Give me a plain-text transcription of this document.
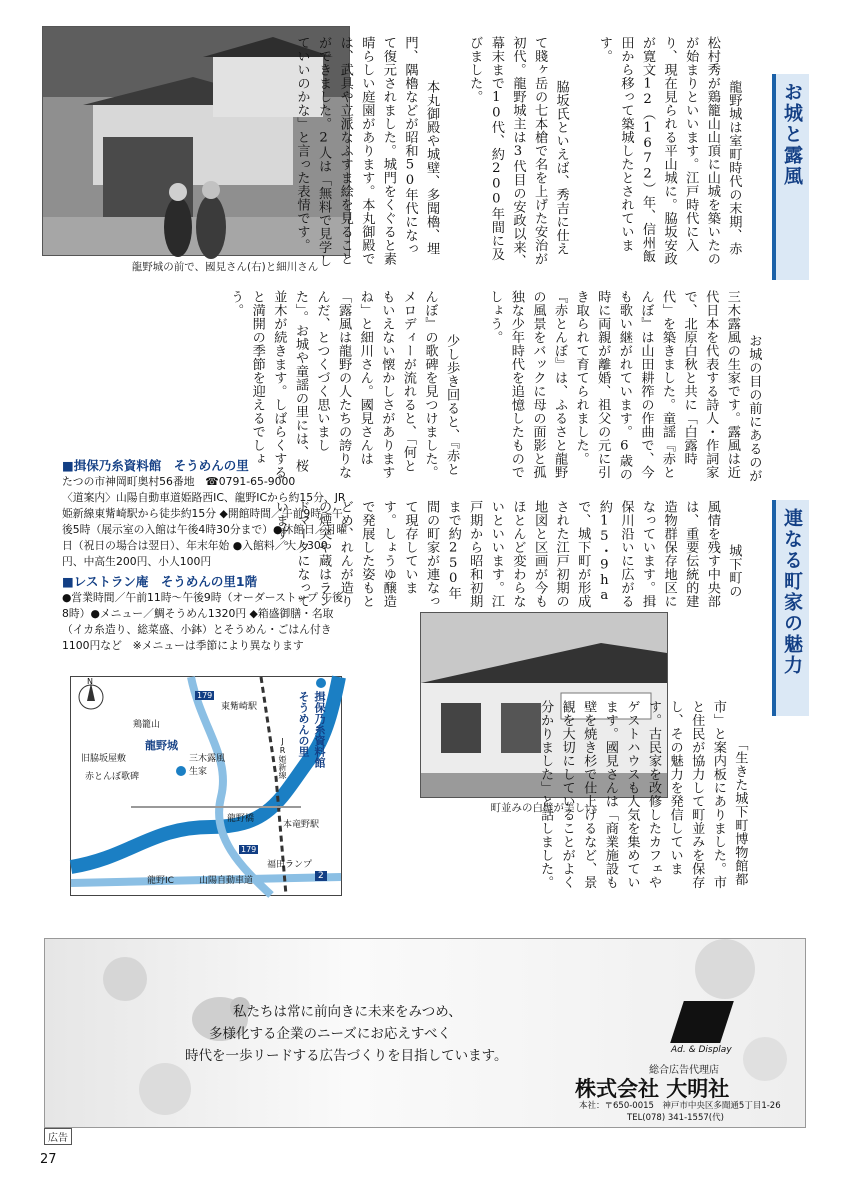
龍野城の前で、國見さん(右)と細川さん
お城と露風

　龍野城は室町時代の末期、赤松村秀が鶏籠山山頂に山城を築いたのが始まりといいます。江戸時代に入り、現在見られる平山城に。脇坂安政が寛文12（1672）年、信州飯田から移って築城したとされています。

　脇坂氏といえば、秀吉に仕えて賤ヶ岳の七本槍で名を上げた安治が初代。龍野城主は3代目の安政以来、幕末まで10代、約200年間に及びました。

　本丸御殿や城壁、多聞櫓、埋門、隅櫓などが昭和50年代になって復元されました。城門をくぐると素晴らしい庭園があります。本丸御殿では、武具や立派なふすま絵を見ることができました。2人は「無料で見学していいのかな」と言った表情です。

　お城の目の前にあるのが三木露風の生家です。露風は近代日本を代表する詩人・作詞家で、北原白秋と共に「白露時代」を築きました。童謡『赤とんぼ』は山田耕筰の作曲で、今も歌い継がれています。6歳の時に両親が離婚、祖父の元に引き取られて育てられました。『赤とんぼ』は、ふるさと龍野の風景をバックに母の面影と孤独な少年時代を追憶したものでしょう。

　少し歩き回ると、『赤とんぼ』の歌碑を見つけました。メロディーが流れると、「何ともいえない懐かしさがありますね」と細川さん。國見さんは「露風は龍野の人たちの誇りなんだ、とつくづく思いました」。お城や童謡の里には、桜並木が続きます。しばらくすると満開の季節を迎えるでしょう。

■揖保乃糸資料館　そうめんの里
たつの市神岡町奥村56番地　☎0791-65-9000
〈道案内〉山陽自動車道姫路西IC、龍野ICから約15分、JR姫新線東觜崎駅から徒歩約15分 ◆開館時間／午前9時～午後5時（展示室の入館は午後4時30分まで）●休館日／月曜日（祝日の場合は翌日）、年末年始 ●入館料／大人300円、中高生200円、小人100円
■レストラン庵　そうめんの里1階
●営業時間／午前11時～午後9時（オーダーストップ 午後8時）●メニュー／鯛そうめん1320円 ◆箱盛御膳・名取（イカ糸造り、総菜盛、小鉢）とそうめん・ごはん付き1100円など　※メニューは季節により異なります
N
鶏籠山
龍野城
旧脇坂屋敷
赤とんぼ歌碑
三木露風
生家
揖保川
龍野橋
本竜野駅
東觜崎駅
JR姫新線	揖保乃糸資料館
そうめんの里
福田ランプ
龍野IC	山陽自動車道
179
179
2
連なる町家の魅力

　城下町の風情を残す中央部は、重要伝統的建造物群保存地区になっています。揖保川沿いに広がる約15・9haで、城下町が形成された江戸初期の地図と区画が今もほとんど変わらないといいます。江戸期から昭和初期まで約250年間の町家が連なって現存しています。しょうゆ醸造で発展した姿もとどめ、れんが造りの煙突や蔵はランドマークになっています。

町並みの白壁が美しい	　「生きた城下町博物館都市」と案内板にありました。市と住民が協力して町並みを保存し、その魅力を発信しています。古民家を改修したカフェやゲストハウスも人気を集めています。國見さんは「商業施設も壁を焼き杉で仕上げるなど、景観を大切にしていることがよく分かりました」と話しました。

私たちは常に前向きに未来をみつめ、
多様化する企業のニーズにお応えすべく
時代を一歩リードする広告づくりを目指しています。	Ad. & Display
総合広告代理店
株式会社 大明社
本社：〒650-0015　神戸市中央区多聞通5丁目1-26
TEL(078) 341-1557(代)
広告
27
